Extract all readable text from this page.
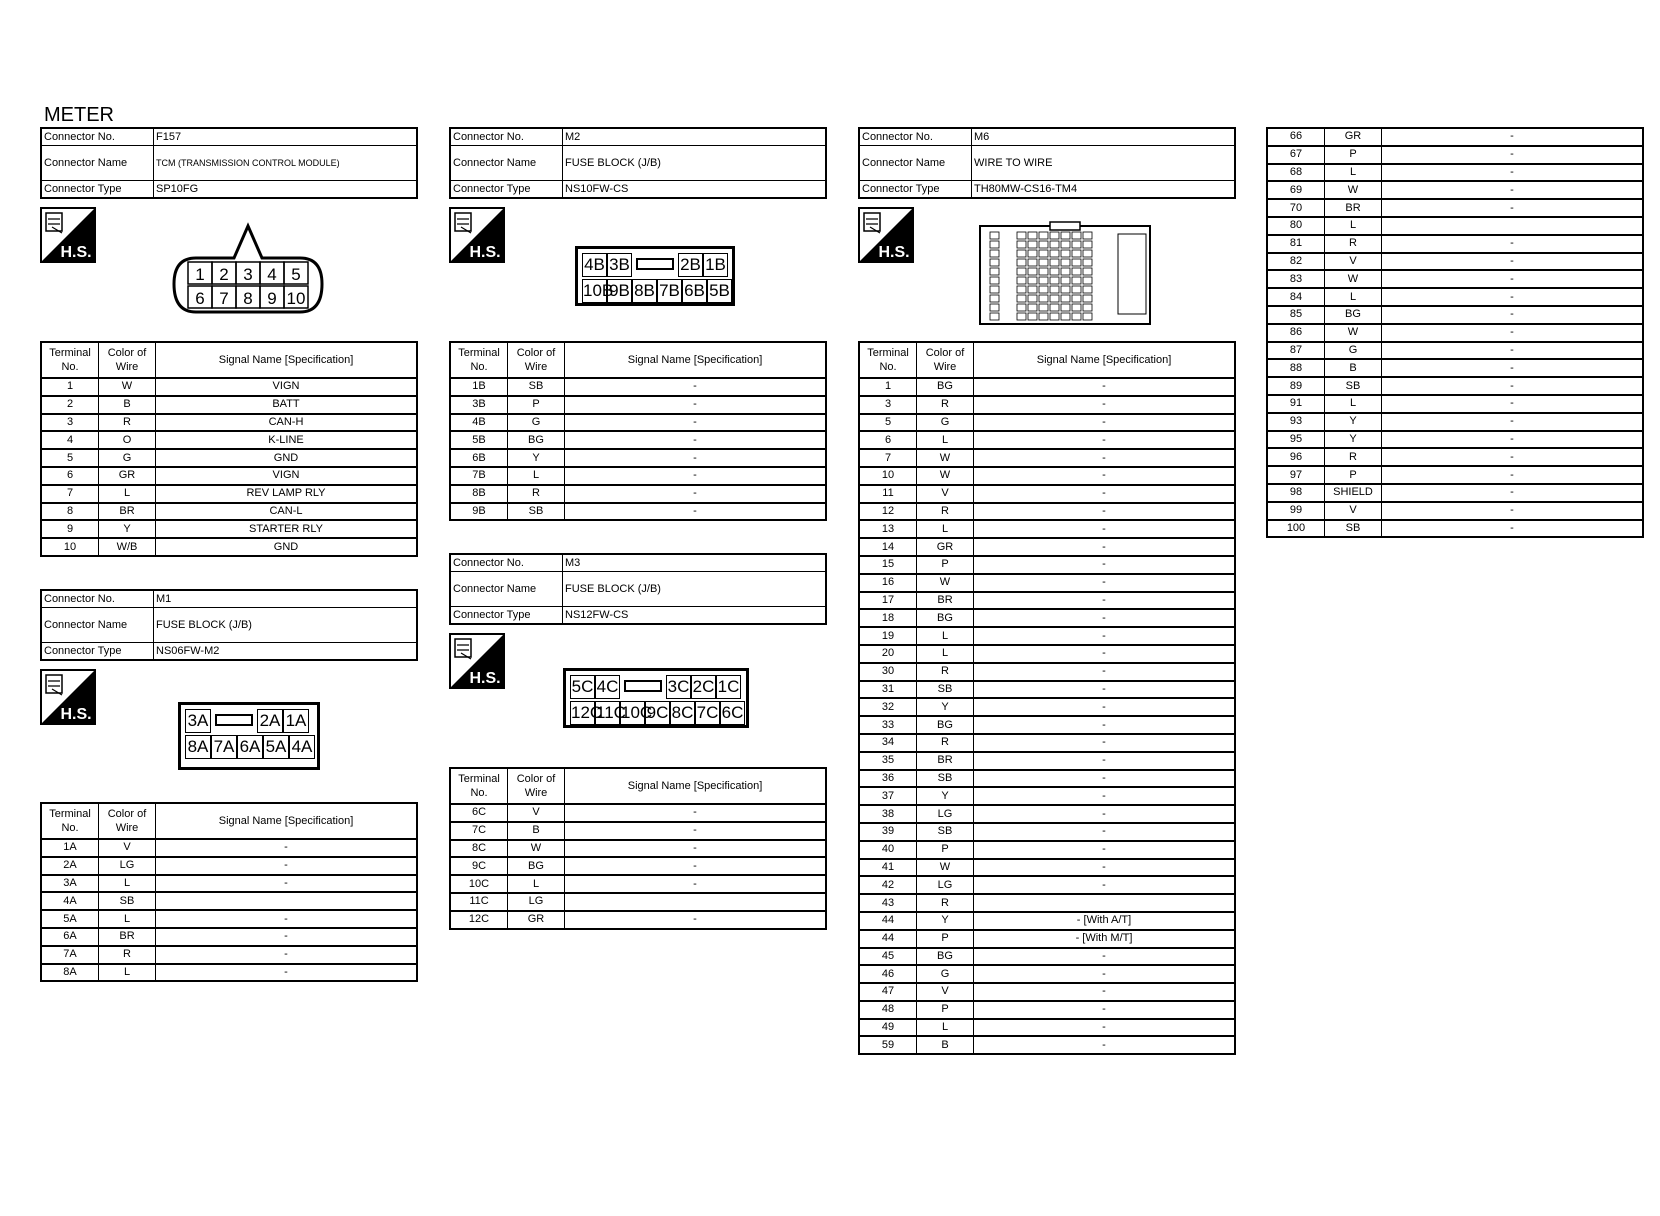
METER
Connector No.	F157
Connector Name	TCM (TRANSMISSION CONTROL MODULE)
Connector Type	SP10FG
H.S.
1 2 3 4 5
6 7 8 9 10
Terminal No.	Color of Wire	Signal Name [Specification]
1	W	VIGN
2	B	BATT
3	R	CAN-H
4	O	K-LINE
5	G	GND
6	GR	VIGN
7	L	REV LAMP RLY
8	BR	CAN-L
9	Y	STARTER RLY
10	W/B	GND
Connector No.	M1
Connector Name	FUSE BLOCK (J/B)
Connector Type	NS06FW-M2
H.S.
8A 7A 6A 5A 4A
3A	2A 1A
Terminal No.	Color of Wire	Signal Name [Specification]
1A	V	-
2A	LG	-
3A	L	-
4A	SB	
5A	L	-
6A	BR	-
7A	R	-
8A	L	-
Connector No.	M2
Connector Name	FUSE BLOCK (J/B)
Connector Type	NS10FW-CS
H.S.
10B
9B 8B 7B 6B 5B
4B 3B	2B 1B
Terminal No.	Color of Wire	Signal Name [Specification]
1B	SB	-
3B	P	-
4B	G	-
5B	BG	-
6B	Y	-
7B	L	-
8B	R	-
9B	SB	-
Connector No.	M3
Connector Name	FUSE BLOCK (J/B)
Connector Type	NS12FW-CS
H.S.
12C
11C
10C
9C 8C 7C 6C
5C 4C	3C 2C 1C
Terminal No.	Color of Wire	Signal Name [Specification]
6C	V	-
7C	B	-
8C	W	-
9C	BG	-
10C	L	-
11C	LG	
12C	GR	-
Connector No.	M6
Connector Name	WIRE TO WIRE
Connector Type	TH80MW-CS16-TM4
H.S.
Terminal No.	Color of Wire	Signal Name [Specification]
1	BG	-
3	R	-
5	G	-
6	L	-
7	W	-
10	W	-
11	V	-
12	R	-
13	L	-
14	GR	-
15	P	-
16	W	-
17	BR	-
18	BG	-
19	L	-
20	L	-
30	R	-
31	SB	-
32	Y	-
33	BG	-
34	R	-
35	BR	-
36	SB	-
37	Y	-
38	LG	-
39	SB	-
40	P	-
41	W	-
42	LG	-
43	R	
44	Y	- [With A/T]
44	P	- [With M/T]
45	BG	-
46	G	-
47	V	-
48	P	-
49	L	-
59	B	-
66	GR	-
67	P	-
68	L	-
69	W	-
70	BR	-
80	L	
81	R	-
82	V	-
83	W	-
84	L	-
85	BG	-
86	W	-
87	G	-
88	B	-
89	SB	-
91	L	-
93	Y	-
95	Y	-
96	R	-
97	P	-
98	SHIELD	-
99	V	-
100	SB	-
